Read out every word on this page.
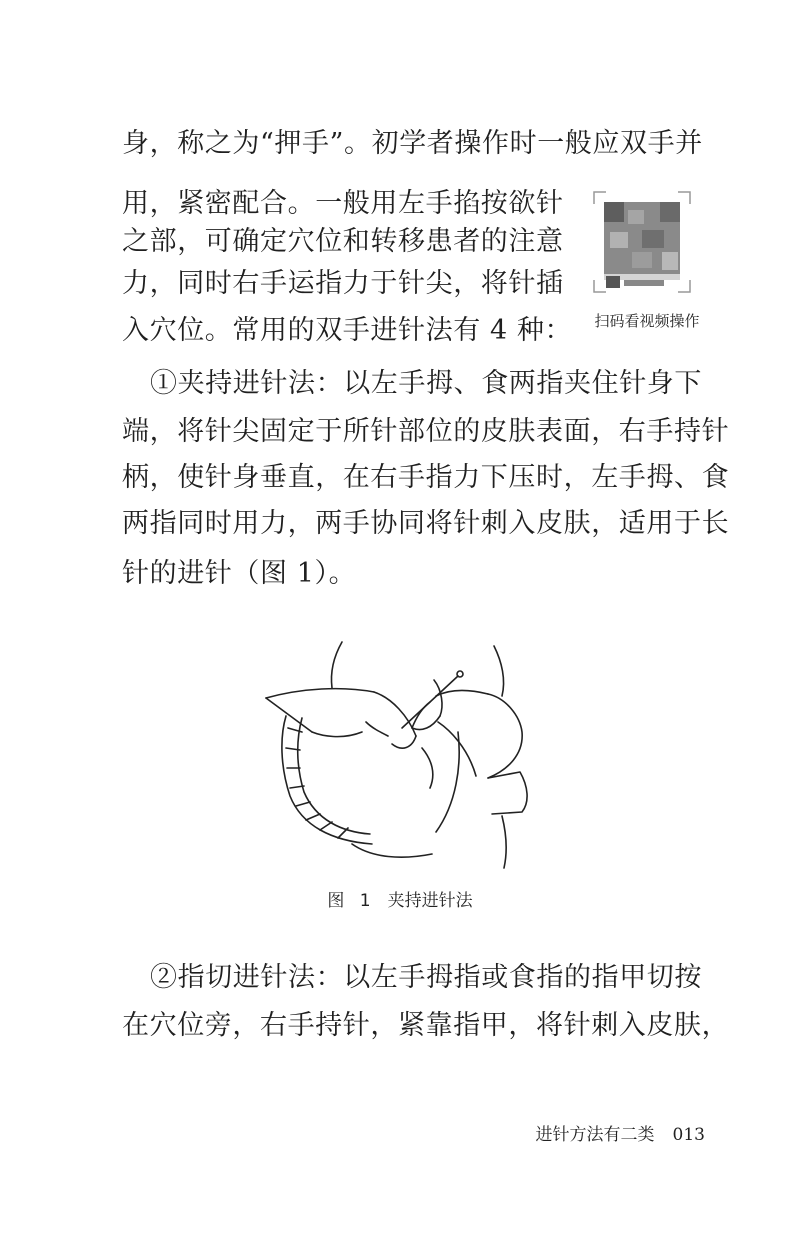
身，称之为“押手”。初学者操作时一般应双手并
用，紧密配合。一般用左手掐按欲针
之部，可确定穴位和转移患者的注意
力，同时右手运指力于针尖，将针插
入穴位。常用的双手进针法有 4 种：
①夹持进针法：以左手拇、食两指夹住针身下
端，将针尖固定于所针部位的皮肤表面，右手持针
柄，使针身垂直，在右手指力下压时，左手拇、食
两指同时用力，两手协同将针刺入皮肤，适用于长
针的进针（图 1）。
扫码看视频操作
图 1　夹持进针法
②指切进针法：以左手拇指或食指的指甲切按
在穴位旁，右手持针，紧靠指甲，将针刺入皮肤，
进针方法有二类 013
